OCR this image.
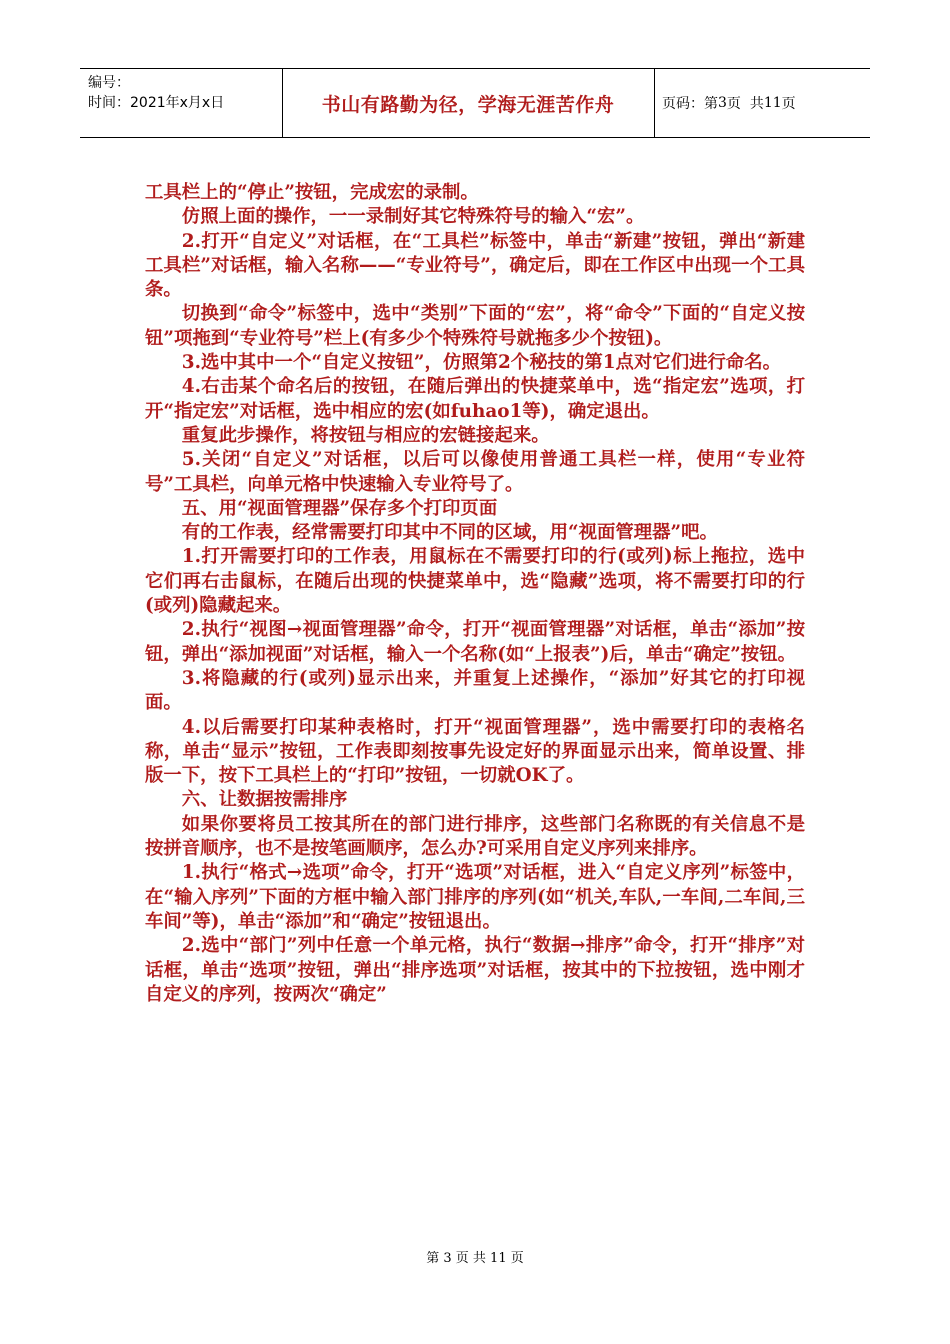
编号：
时间：2021年x月x日	书山有路勤为径，学海无涯苦作舟	页码：第 3 页  共 11 页

工具栏上的“停止”按钮，完成宏的录制。

仿照上面的操作，一一录制好其它特殊符号的输入“宏”。

2.打开“自定义”对话框，在“工具栏”标签中，单击“新建”按钮，弹出“新建工具栏”对话框，输入名称——“专业符号”，确定后，即在工作区中出现一个工具条。

切换到“命令”标签中，选中“类别”下面的“宏”，将“命令”下面的“自定义按钮”项拖到“专业符号”栏上(有多少个特殊符号就拖多少个按钮)。

3.选中其中一个“自定义按钮”，仿照第2个秘技的第1点对它们进行命名。

4.右击某个命名后的按钮，在随后弹出的快捷菜单中，选“指定宏”选项，打开“指定宏”对话框，选中相应的宏(如fuhao1等)，确定退出。

重复此步操作，将按钮与相应的宏链接起来。

5.关闭“自定义”对话框，以后可以像使用普通工具栏一样，使用“专业符号”工具栏，向单元格中快速输入专业符号了。

五、用“视面管理器”保存多个打印页面

有的工作表，经常需要打印其中不同的区域，用“视面管理器”吧。

1.打开需要打印的工作表，用鼠标在不需要打印的行(或列)标上拖拉，选中它们再右击鼠标，在随后出现的快捷菜单中，选“隐藏”选项，将不需要打印的行(或列)隐藏起来。

2.执行“视图→视面管理器”命令，打开“视面管理器”对话框，单击“添加”按钮，弹出“添加视面”对话框，输入一个名称(如“上报表”)后，单击“确定”按钮。

3.将隐藏的行(或列)显示出来，并重复上述操作，“添加”好其它的打印视面。

4.以后需要打印某种表格时，打开“视面管理器”，选中需要打印的表格名称，单击“显示”按钮，工作表即刻按事先设定好的界面显示出来，简单设置、排版一下，按下工具栏上的“打印”按钮，一切就OK了。

六、让数据按需排序

如果你要将员工按其所在的部门进行排序，这些部门名称既的有关信息不是按拼音顺序，也不是按笔画顺序，怎么办?可采用自定义序列来排序。

1.执行“格式→选项”命令，打开“选项”对话框，进入“自定义序列”标签中，在“输入序列”下面的方框中输入部门排序的序列(如“机关,车队,一车间,二车间,三车间”等)，单击“添加”和“确定”按钮退出。

2.选中“部门”列中任意一个单元格，执行“数据→排序”命令，打开“排序”对话框，单击“选项”按钮，弹出“排序选项”对话框，按其中的下拉按钮，选中刚才自定义的序列，按两次“确定”

第 3 页 共 11 页
